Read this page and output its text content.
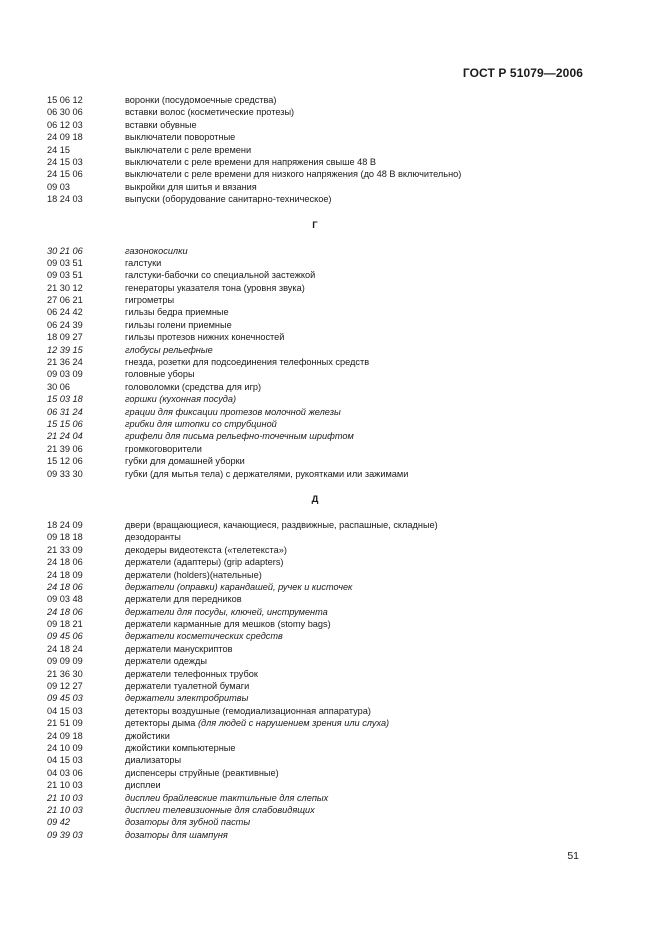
ГОСТ Р 51079—2006
15 06 12	воронки (посудомоечные средства)
06 30 06	вставки волос (косметические протезы)
06 12 03	вставки обувные
24 09 18	выключатели поворотные
24 15	выключатели с реле времени
24 15 03	выключатели с реле времени для напряжения свыше 48 В
24 15 06	выключатели с реле времени для низкого напряжения (до 48 В включительно)
09 03	выкройки для шитья и вязания
18 24 03	выпуски (оборудование санитарно-техническое)
Г
30 21 06	газонокосилки
09 03 51	галстуки
09 03 51	галстуки-бабочки со специальной застежкой
21 30 12	генераторы указателя тона (уровня звука)
27 06 21	гигрометры
06 24 42	гильзы бедра приемные
06 24 39	гильзы голени приемные
18 09 27	гильзы протезов нижних конечностей
12 39 15	глобусы рельефные
21 36 24	гнезда, розетки для подсоединения телефонных средств
09 03 09	головные уборы
30 06	головоломки (средства для игр)
15 03 18	горшки (кухонная посуда)
06 31 24	грации для фиксации протезов молочной железы
15 15 06	грибки для штопки со струбциной
21 24 04	грифели для письма рельефно-точечным шрифтом
21 39 06	громкоговорители
15 12 06	губки для домашней уборки
09 33 30	губки (для мытья тела) с держателями, рукоятками или зажимами
Д
18 24 09	двери (вращающиеся, качающиеся, раздвижные, распашные, складные)
09 18 18	дезодоранты
21 33 09	декодеры видеотекста («телетекста»)
24 18 06	держатели (адаптеры) (grip adapters)
24 18 09	держатели (holders)(нательные)
24 18 06	держатели (оправки) карандашей, ручек и кисточек
09 03 48	держатели для передников
24 18 06	держатели для посуды, ключей, инструмента
09 18 21	держатели карманные для мешков (stomy bags)
09 45 06	держатели косметических средств
24 18 24	держатели манускриптов
09 09 09	держатели одежды
21 36 30	держатели телефонных трубок
09 12 27	держатели туалетной бумаги
09 45 03	держатели электробритвы
04 15 03	детекторы воздушные (гемодиализационная аппаратура)
21 51 09	детекторы дыма (для людей с нарушением зрения или слуха)
24 09 18	джойстики
24 10 09	джойстики компьютерные
04 15 03	диализаторы
04 03 06	диспенсеры струйные (реактивные)
21 10 03	дисплеи
21 10 03	дисплеи брайлевские тактильные для слепых
21 10 03	дисплеи телевизионные для слабовидящих
09 42	дозаторы для зубной пасты
09 39 03	дозаторы для шампуня
51
